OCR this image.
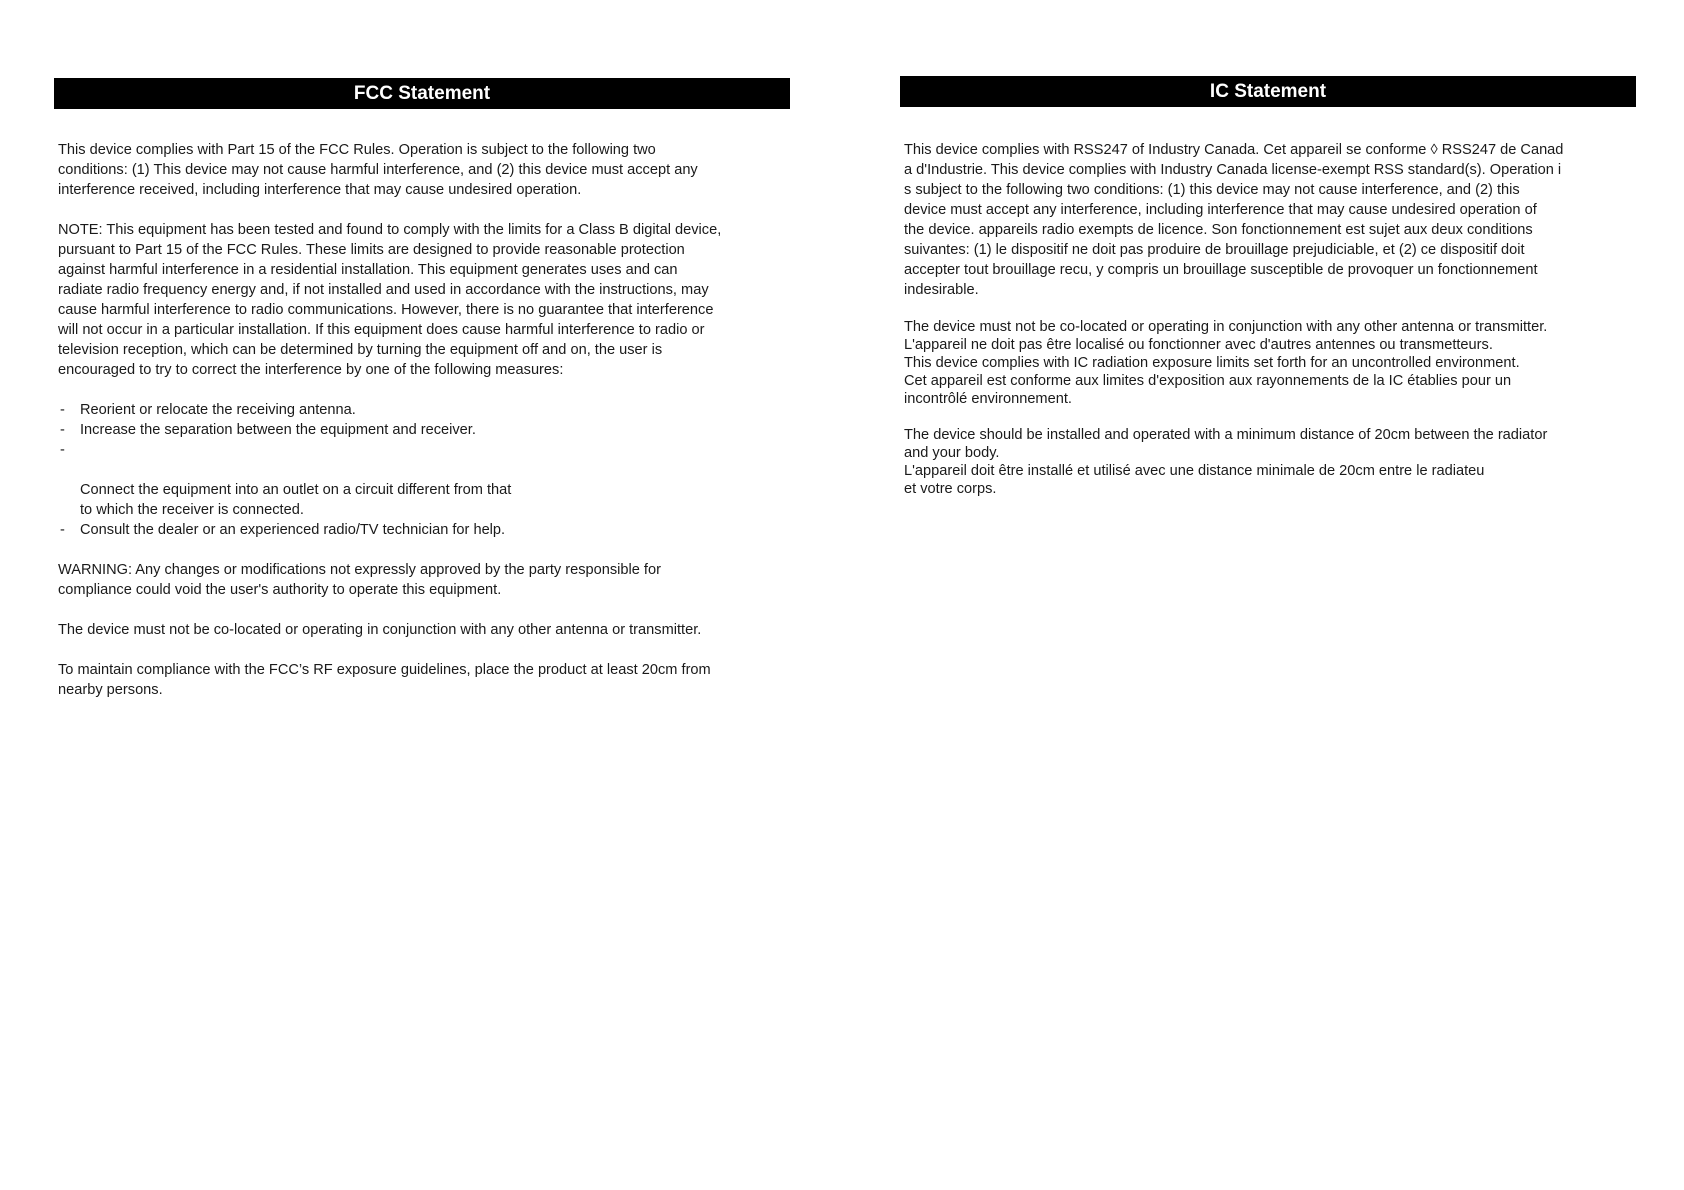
FCC Statement

This device complies with Part 15 of the FCC Rules. Operation is subject to the following two
conditions: (1) This device may not cause harmful interference, and (2) this device must accept any
interference received, including interference that may cause undesired operation.

NOTE: This equipment has been tested and found to comply with the limits for a Class B digital device,
pursuant to Part 15 of the FCC Rules. These limits are designed to provide reasonable protection
against harmful interference in a residential installation. This equipment generates uses and can
radiate radio frequency energy and, if not installed and used in accordance with the instructions, may
cause harmful interference to radio communications. However, there is no guarantee that interference
will not occur in a particular installation. If this equipment does cause harmful interference to radio or
television reception, which can be determined by turning the equipment off and on, the user is
encouraged to try to correct the interference by one of the following measures:

- Reorient or relocate the receiving antenna.
- Increase the separation between the equipment and receiver.

-

Connect the equipment into an outlet on a circuit different from that
to which the receiver is connected.

- Consult the dealer or an experienced radio/TV technician for help.

WARNING: Any changes or modifications not expressly approved by the party responsible for
compliance could void the user's authority to operate this equipment.

The device must not be co-located or operating in conjunction with any other antenna or transmitter.

To maintain compliance with the FCC’s RF exposure guidelines, place the product at least 20cm from
nearby persons.

IC Statement

This device complies with RSS247 of Industry Canada. Cet appareil se conforme ◊ RSS247 de Canad
a d'Industrie. This device complies with Industry Canada license-exempt RSS standard(s). Operation i
s subject to the following two conditions: (1) this device may not cause interference, and (2) this
device must accept any interference, including interference that may cause undesired operation of
the device. appareils radio exempts de licence. Son fonctionnement est sujet aux deux conditions
suivantes: (1) le dispositif ne doit pas produire de brouillage prejudiciable, et (2) ce dispositif doit
accepter tout brouillage recu, y compris un brouillage susceptible de provoquer un fonctionnement
indesirable.

The device must not be co-located or operating in conjunction with any other antenna or transmitter.
L'appareil ne doit pas être localisé ou fonctionner avec d'autres antennes ou transmetteurs.
This device complies with IC radiation exposure limits set forth for an uncontrolled environment.
Cet appareil est conforme aux limites d'exposition aux rayonnements de la IC établies pour un
incontrôlé environnement.

The device should be installed and operated with a minimum distance of 20cm between the radiator
and your body.
L'appareil doit être installé et utilisé avec une distance minimale de 20cm entre le radiateu
et votre corps.
